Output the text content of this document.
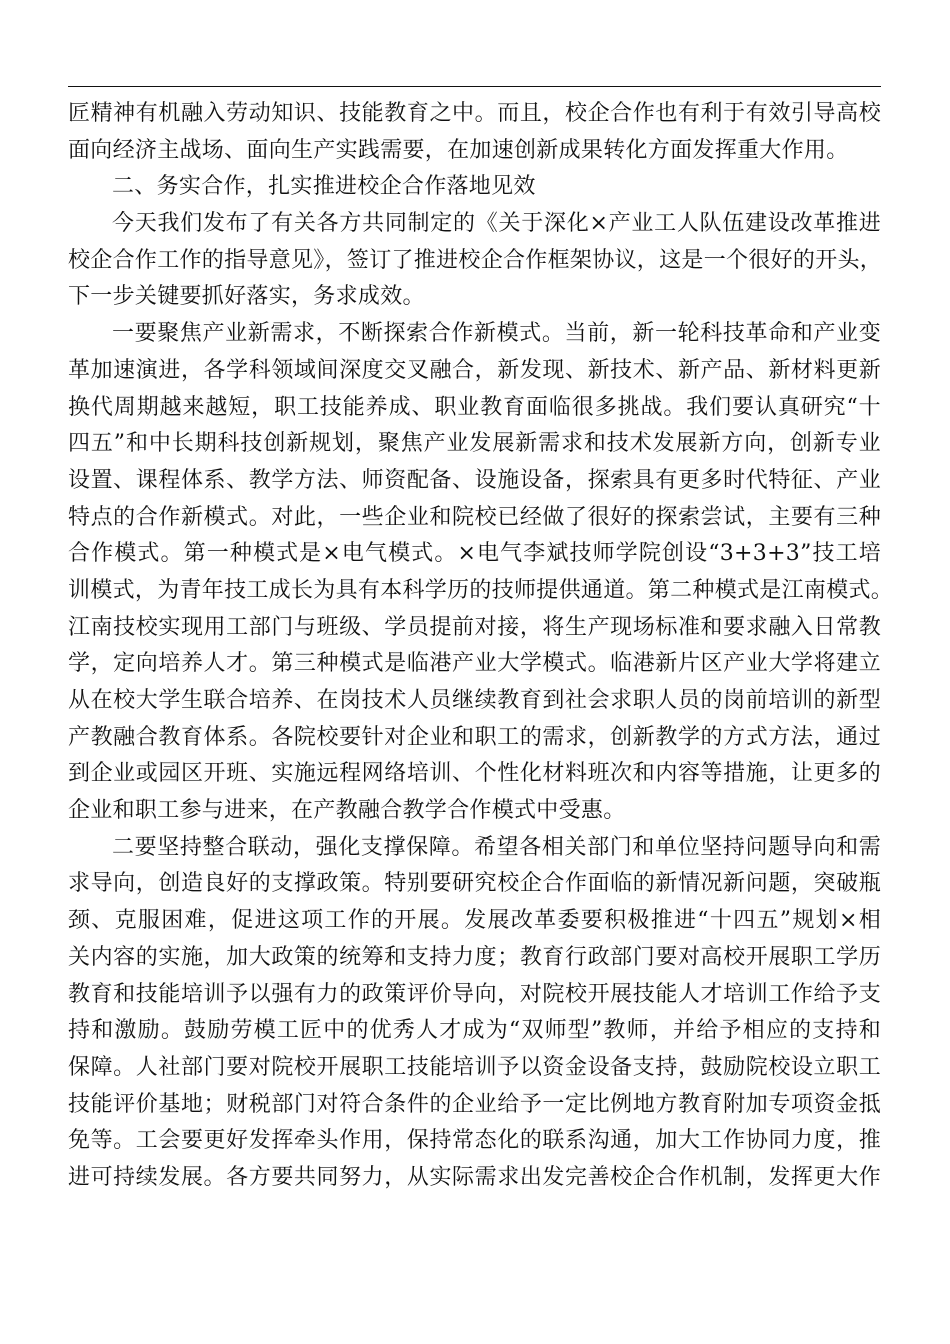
匠精神有机融入劳动知识、技能教育之中。而且，校企合作也有利于有效引导高校
面向经济主战场、面向生产实践需要，在加速创新成果转化方面发挥重大作用。
二、务实合作，扎实推进校企合作落地见效
今天我们发布了有关各方共同制定的《关于深化×产业工人队伍建设改革推进
校企合作工作的指导意见》，签订了推进校企合作框架协议，这是一个很好的开头，
下一步关键要抓好落实，务求成效。
一要聚焦产业新需求，不断探索合作新模式。当前，新一轮科技革命和产业变
革加速演进，各学科领域间深度交叉融合，新发现、新技术、新产品、新材料更新
换代周期越来越短，职工技能养成、职业教育面临很多挑战。我们要认真研究“十
四五”和中长期科技创新规划，聚焦产业发展新需求和技术发展新方向，创新专业
设置、课程体系、教学方法、师资配备、设施设备，探索具有更多时代特征、产业
特点的合作新模式。对此，一些企业和院校已经做了很好的探索尝试，主要有三种
合作模式。第一种模式是×电气模式。×电气李斌技师学院创设“3+3+3”技工培
训模式，为青年技工成长为具有本科学历的技师提供通道。第二种模式是江南模式。
江南技校实现用工部门与班级、学员提前对接，将生产现场标准和要求融入日常教
学，定向培养人才。第三种模式是临港产业大学模式。临港新片区产业大学将建立
从在校大学生联合培养、在岗技术人员继续教育到社会求职人员的岗前培训的新型
产教融合教育体系。各院校要针对企业和职工的需求，创新教学的方式方法，通过
到企业或园区开班、实施远程网络培训、个性化材料班次和内容等措施，让更多的
企业和职工参与进来，在产教融合教学合作模式中受惠。
二要坚持整合联动，强化支撑保障。希望各相关部门和单位坚持问题导向和需
求导向，创造良好的支撑政策。特别要研究校企合作面临的新情况新问题，突破瓶
颈、克服困难，促进这项工作的开展。发展改革委要积极推进“十四五”规划×相
关内容的实施，加大政策的统筹和支持力度；教育行政部门要对高校开展职工学历
教育和技能培训予以强有力的政策评价导向，对院校开展技能人才培训工作给予支
持和激励。鼓励劳模工匠中的优秀人才成为“双师型”教师，并给予相应的支持和
保障。人社部门要对院校开展职工技能培训予以资金设备支持，鼓励院校设立职工
技能评价基地；财税部门对符合条件的企业给予一定比例地方教育附加专项资金抵
免等。工会要更好发挥牵头作用，保持常态化的联系沟通，加大工作协同力度，推
进可持续发展。各方要共同努力，从实际需求出发完善校企合作机制，发挥更大作
